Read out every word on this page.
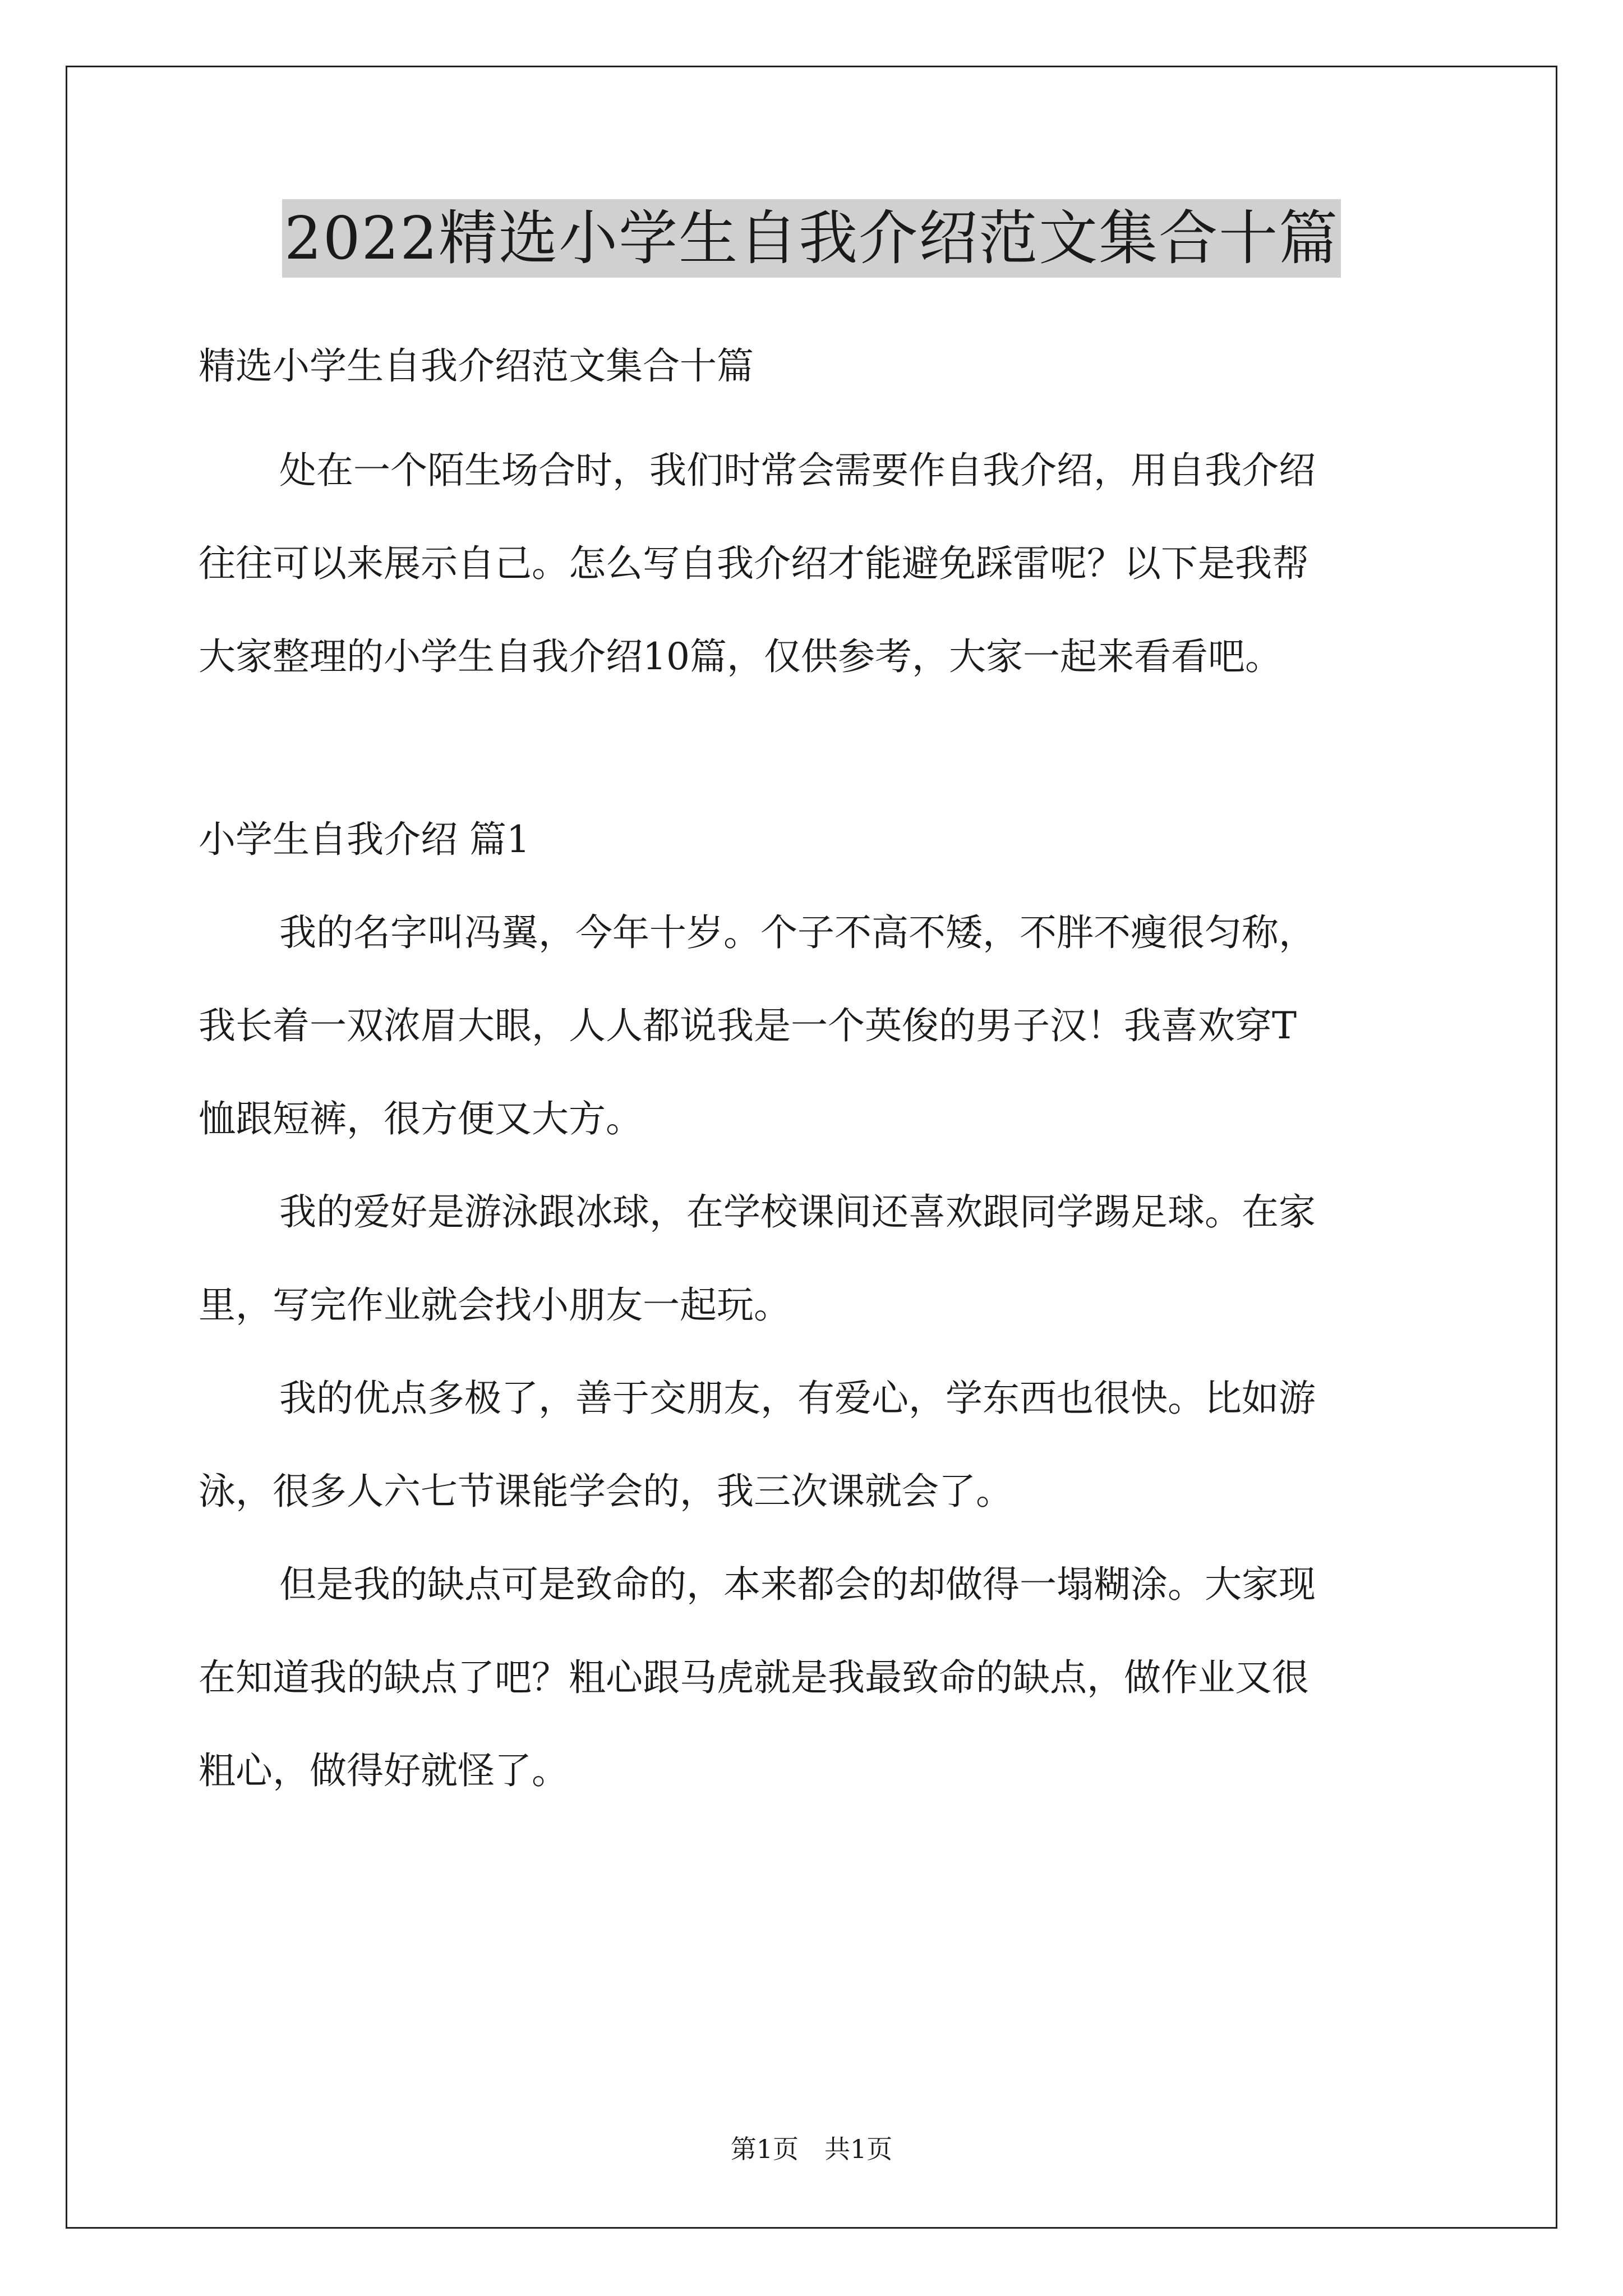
2022精选小学生自我介绍范文集合十篇

精选小学生自我介绍范文集合十篇

处在一个陌生场合时，我们时常会需要作自我介绍，用自我介绍

往往可以来展示自己。怎么写自我介绍才能避免踩雷呢？以下是我帮

大家整理的小学生自我介绍10篇，仅供参考，大家一起来看看吧。

小学生自我介绍 篇1

我的名字叫冯翼，今年十岁。个子不高不矮，不胖不瘦很匀称，

我长着一双浓眉大眼，人人都说我是一个英俊的男子汉！我喜欢穿T

恤跟短裤，很方便又大方。

我的爱好是游泳跟冰球，在学校课间还喜欢跟同学踢足球。在家

里，写完作业就会找小朋友一起玩。

我的优点多极了，善于交朋友，有爱心，学东西也很快。比如游

泳，很多人六七节课能学会的，我三次课就会了。

但是我的缺点可是致命的，本来都会的却做得一塌糊涂。大家现

在知道我的缺点了吧？粗心跟马虎就是我最致命的缺点，做作业又很

粗心，做得好就怪了。

第1页　共1页
